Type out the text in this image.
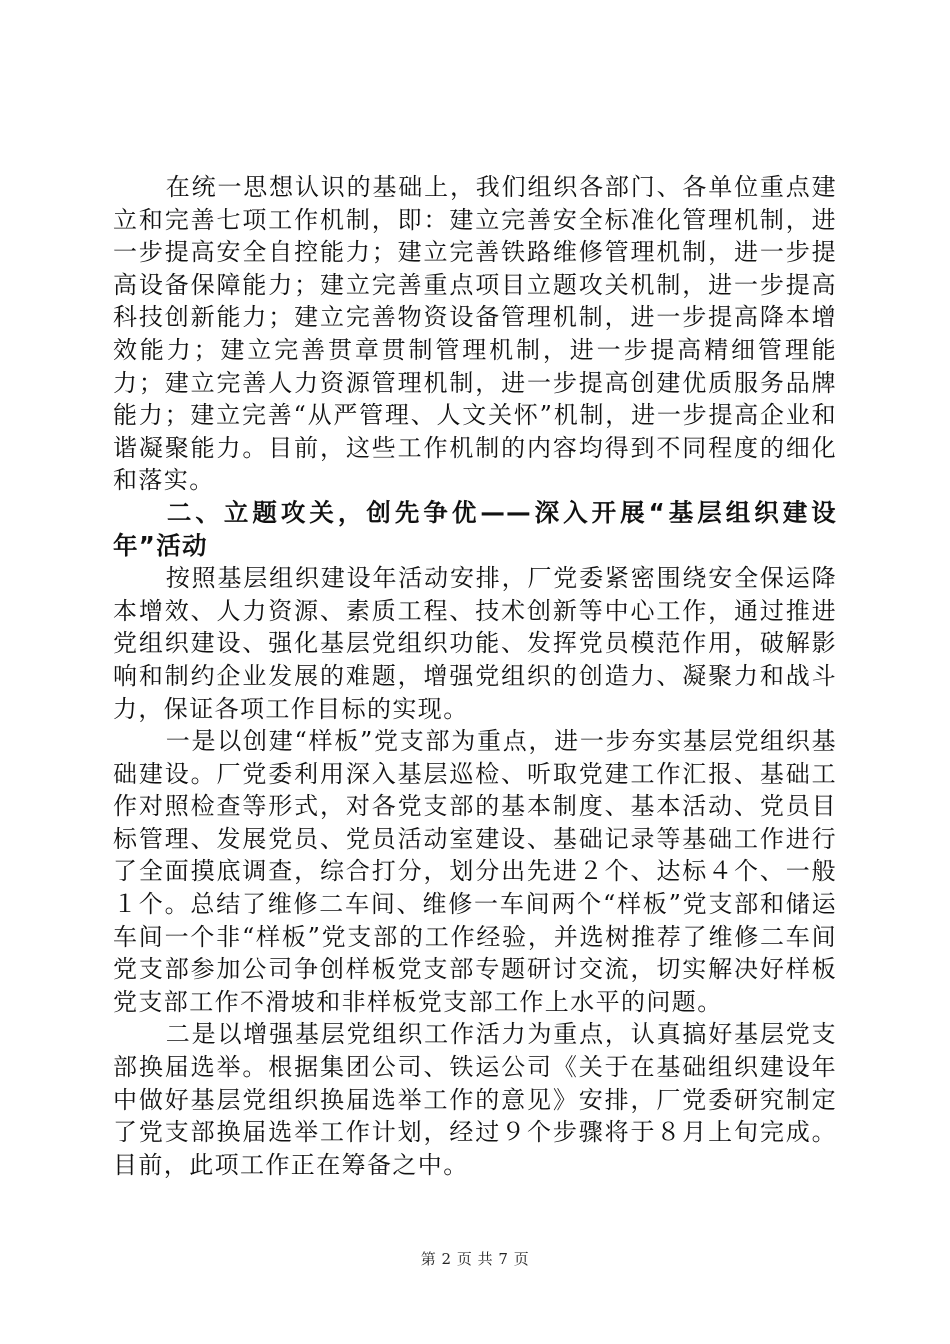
在统一思想认识的基础上，我们组织各部门、各单位重点建立和完善七项工作机制，即：建立完善安全标准化管理机制，进一步提高安全自控能力；建立完善铁路维修管理机制，进一步提高设备保障能力；建立完善重点项目立题攻关机制，进一步提高科技创新能力；建立完善物资设备管理机制，进一步提高降本增效能力；建立完善贯章贯制管理机制，进一步提高精细管理能力；建立完善人力资源管理机制，进一步提高创建优质服务品牌能力；建立完善“从严管理、人文关怀”机制，进一步提高企业和谐凝聚能力。目前，这些工作机制的内容均得到不同程度的细化和落实。

二、立题攻关，创先争优——深入开展“基层组织建设年”活动

按照基层组织建设年活动安排，厂党委紧密围绕安全保运降本增效、人力资源、素质工程、技术创新等中心工作，通过推进党组织建设、强化基层党组织功能、发挥党员模范作用，破解影响和制约企业发展的难题，增强党组织的创造力、凝聚力和战斗力，保证各项工作目标的实现。

一是以创建“样板”党支部为重点，进一步夯实基层党组织基础建设。厂党委利用深入基层巡检、听取党建工作汇报、基础工作对照检查等形式，对各党支部的基本制度、基本活动、党员目标管理、发展党员、党员活动室建设、基础记录等基础工作进行了全面摸底调查，综合打分，划分出先进２个、达标４个、一般１个。总结了维修二车间、维修一车间两个“样板”党支部和储运车间一个非“样板”党支部的工作经验，并选树推荐了维修二车间党支部参加公司争创样板党支部专题研讨交流，切实解决好样板党支部工作不滑坡和非样板党支部工作上水平的问题。

二是以增强基层党组织工作活力为重点，认真搞好基层党支部换届选举。根据集团公司、铁运公司《关于在基础组织建设年中做好基层党组织换届选举工作的意见》安排，厂党委研究制定了党支部换届选举工作计划，经过９个步骤将于８月上旬完成。目前，此项工作正在筹备之中。

第 2 页 共 7 页
